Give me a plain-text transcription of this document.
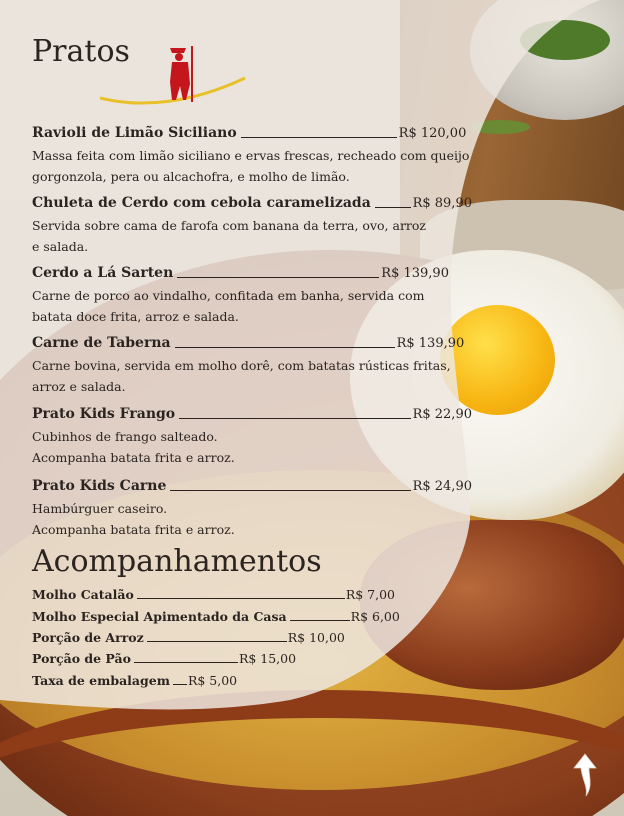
Pratos
Ravioli de Limão Siciliano	R$ 120,00
Massa feita com limão siciliano e ervas frescas, recheado com queijo
gorgonzola, pera ou alcachofra, e molho de limão.
Chuleta de Cerdo com cebola caramelizada	R$ 89,90
Servida sobre cama de farofa com banana da terra, ovo, arroz
e salada.
Cerdo a Lá Sarten	R$ 139,90
Carne de porco ao vindalho, confitada em banha, servida com
batata doce frita, arroz e salada.
Carne de Taberna	R$ 139,90
Carne bovina, servida em molho dorê, com batatas rústicas fritas,
arroz e salada.
Prato Kids Frango	R$ 22,90
Cubinhos de frango salteado.
Acompanha batata frita e arroz.
Prato Kids Carne	R$ 24,90
Hambúrguer caseiro.
Acompanha batata frita e arroz.
Acompanhamentos
Molho Catalão	R$ 7,00
Molho Especial Apimentado da Casa	R$ 6,00
Porção de Arroz	R$ 10,00
Porção de Pão	R$ 15,00
Taxa de embalagem R$ 5,00
